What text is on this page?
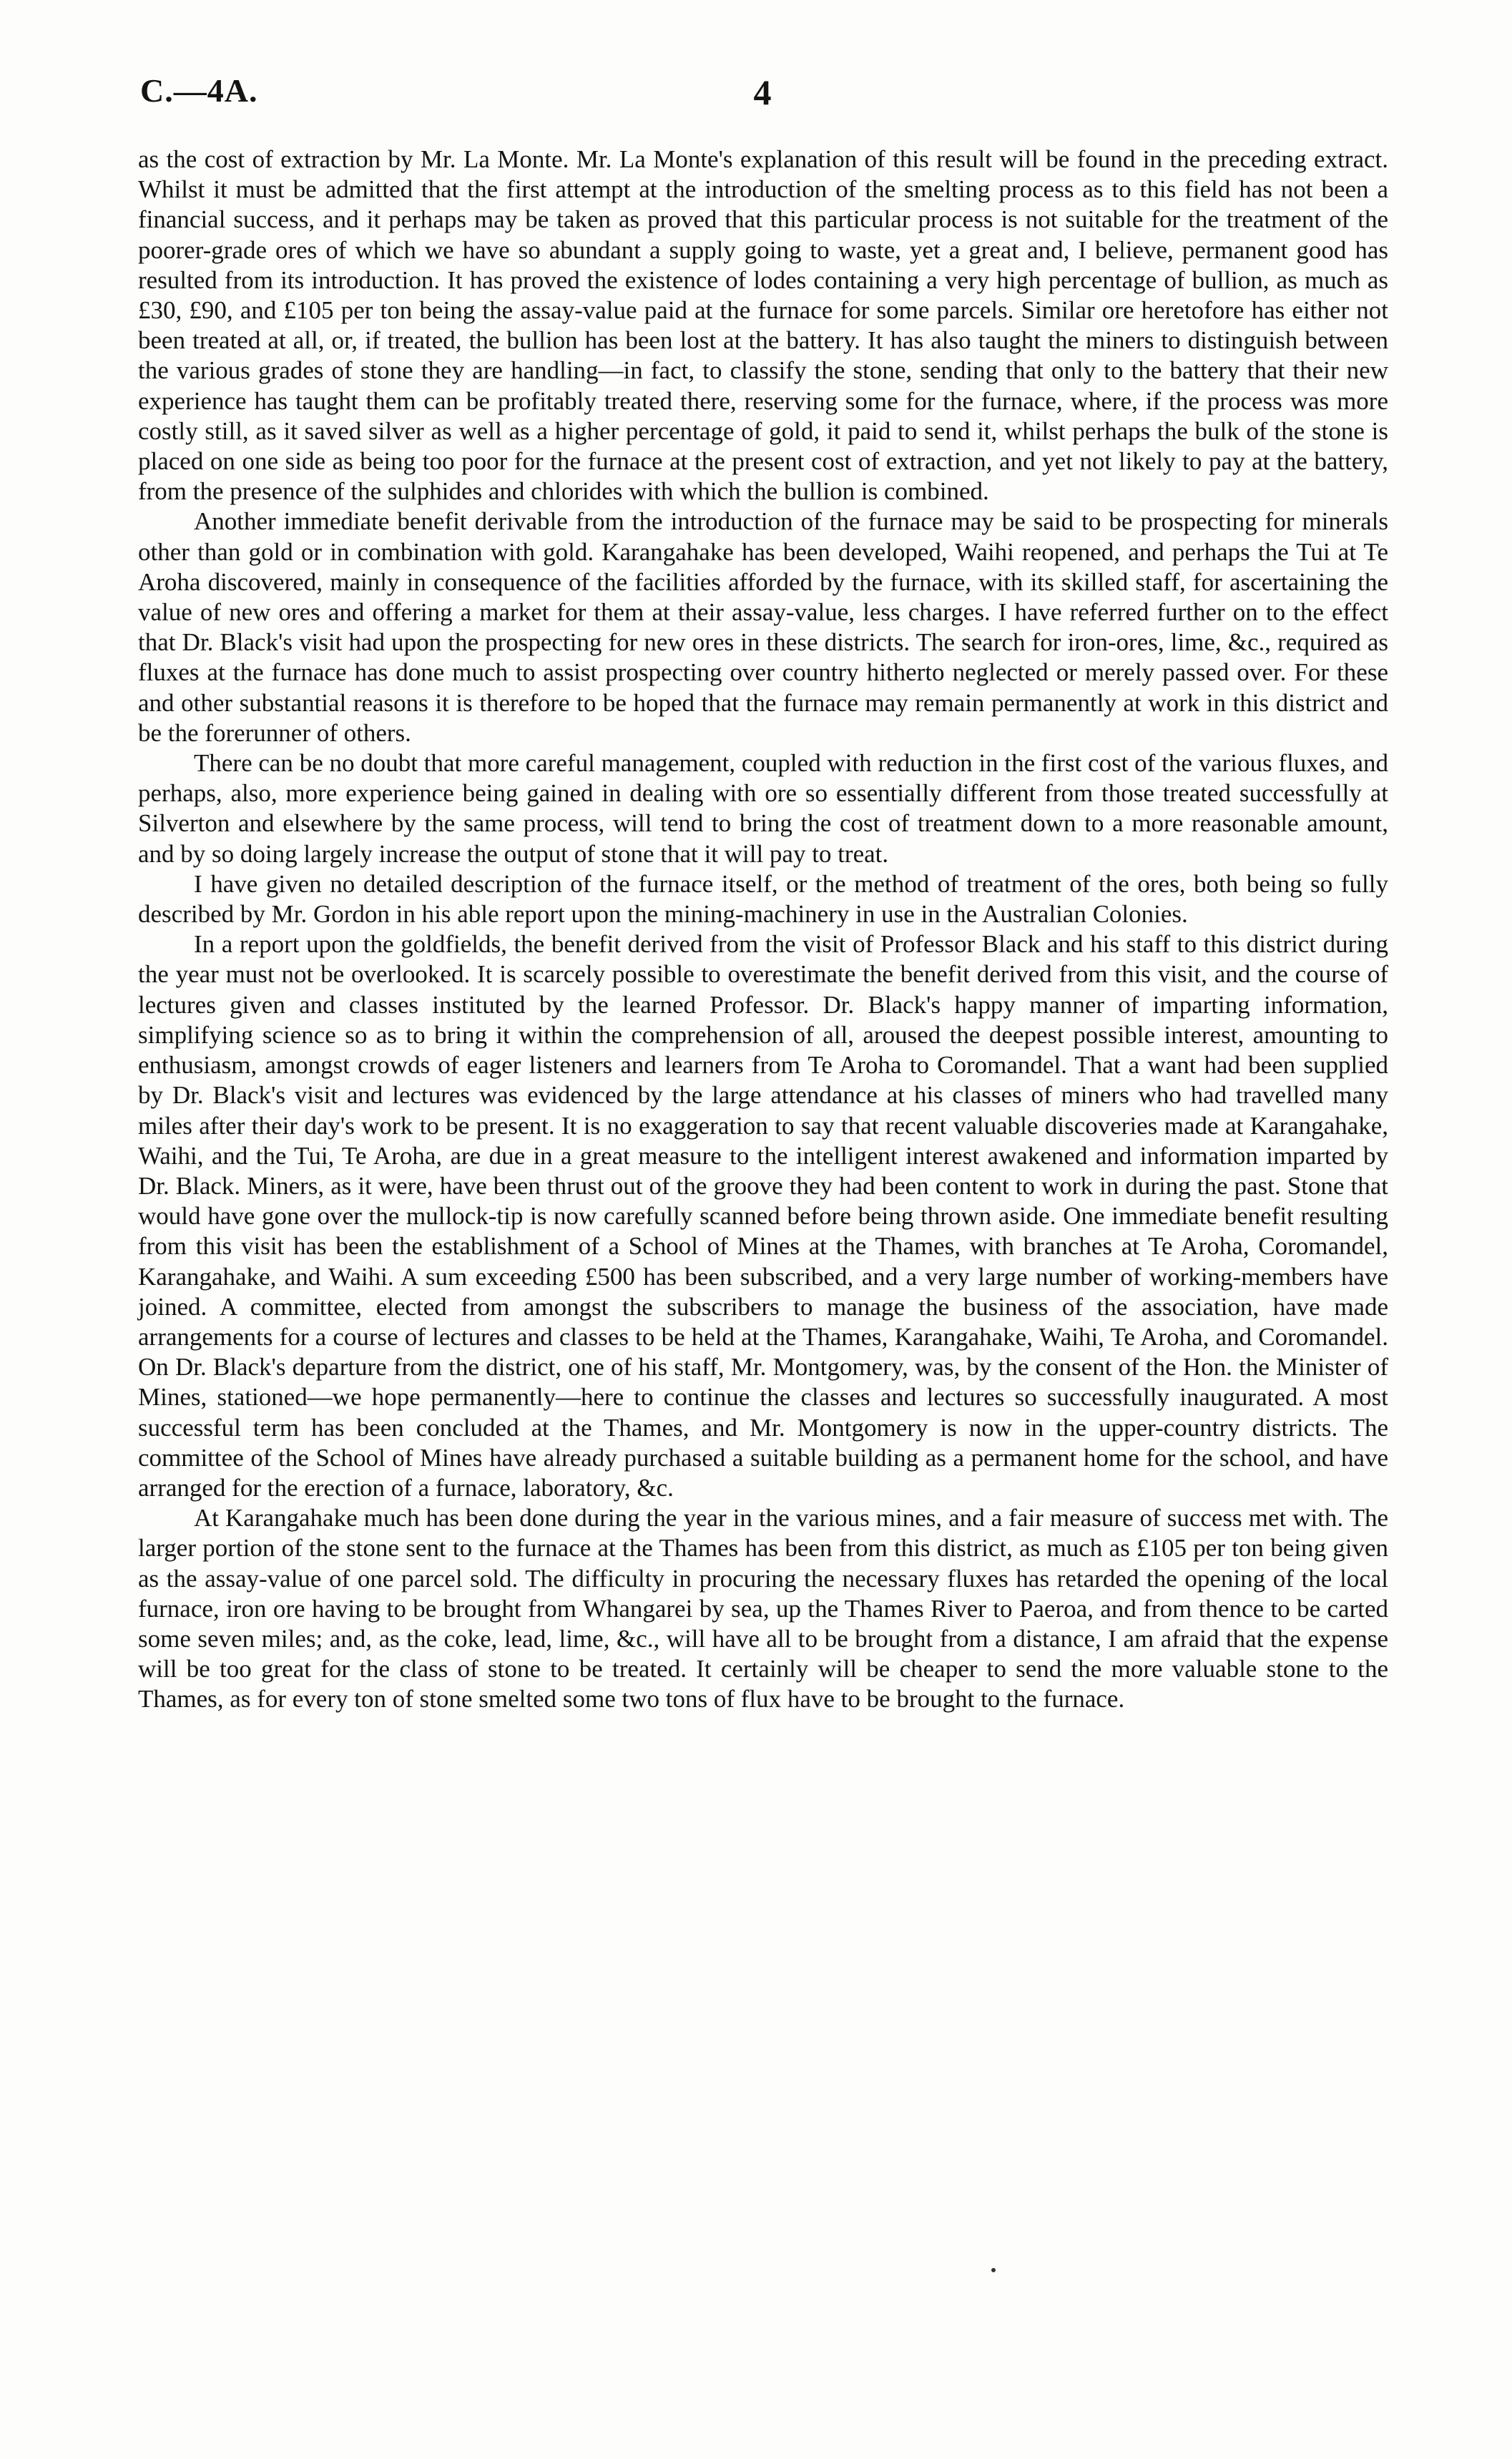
C.—4A.	4

as the cost of extraction by Mr. La Monte. Mr. La Monte's explanation of this result will be found in the preceding extract. Whilst it must be admitted that the first attempt at the introduction of the smelting process as to this field has not been a financial success, and it perhaps may be taken as proved that this particular process is not suitable for the treatment of the poorer-grade ores of which we have so abundant a supply going to waste, yet a great and, I believe, permanent good has resulted from its introduction. It has proved the existence of lodes containing a very high percentage of bullion, as much as £30, £90, and £105 per ton being the assay-value paid at the furnace for some parcels. Similar ore heretofore has either not been treated at all, or, if treated, the bullion has been lost at the battery. It has also taught the miners to distinguish between the various grades of stone they are handling—in fact, to classify the stone, sending that only to the battery that their new experience has taught them can be profitably treated there, reserving some for the furnace, where, if the process was more costly still, as it saved silver as well as a higher percentage of gold, it paid to send it, whilst perhaps the bulk of the stone is placed on one side as being too poor for the furnace at the present cost of extraction, and yet not likely to pay at the battery, from the presence of the sulphides and chlorides with which the bullion is combined.

Another immediate benefit derivable from the introduction of the furnace may be said to be prospecting for minerals other than gold or in combination with gold. Karangahake has been developed, Waihi reopened, and perhaps the Tui at Te Aroha discovered, mainly in consequence of the facilities afforded by the furnace, with its skilled staff, for ascertaining the value of new ores and offering a market for them at their assay-value, less charges. I have referred further on to the effect that Dr. Black's visit had upon the prospecting for new ores in these districts. The search for iron-ores, lime, &c., required as fluxes at the furnace has done much to assist prospecting over country hitherto neglected or merely passed over. For these and other substantial reasons it is therefore to be hoped that the furnace may remain permanently at work in this district and be the forerunner of others.

There can be no doubt that more careful management, coupled with reduction in the first cost of the various fluxes, and perhaps, also, more experience being gained in dealing with ore so essentially different from those treated successfully at Silverton and elsewhere by the same process, will tend to bring the cost of treatment down to a more reasonable amount, and by so doing largely increase the output of stone that it will pay to treat.

I have given no detailed description of the furnace itself, or the method of treatment of the ores, both being so fully described by Mr. Gordon in his able report upon the mining-machinery in use in the Australian Colonies.

In a report upon the goldfields, the benefit derived from the visit of Professor Black and his staff to this district during the year must not be overlooked. It is scarcely possible to overestimate the benefit derived from this visit, and the course of lectures given and classes instituted by the learned Professor. Dr. Black's happy manner of imparting information, simplifying science so as to bring it within the comprehension of all, aroused the deepest possible interest, amounting to enthusiasm, amongst crowds of eager listeners and learners from Te Aroha to Coromandel. That a want had been supplied by Dr. Black's visit and lectures was evidenced by the large attendance at his classes of miners who had travelled many miles after their day's work to be present. It is no exaggeration to say that recent valuable discoveries made at Karangahake, Waihi, and the Tui, Te Aroha, are due in a great measure to the intelligent interest awakened and information imparted by Dr. Black. Miners, as it were, have been thrust out of the groove they had been content to work in during the past. Stone that would have gone over the mullock-tip is now carefully scanned before being thrown aside. One immediate benefit resulting from this visit has been the establishment of a School of Mines at the Thames, with branches at Te Aroha, Coromandel, Karangahake, and Waihi. A sum exceeding £500 has been subscribed, and a very large number of working-members have joined. A committee, elected from amongst the subscribers to manage the business of the association, have made arrangements for a course of lectures and classes to be held at the Thames, Karangahake, Waihi, Te Aroha, and Coromandel. On Dr. Black's departure from the district, one of his staff, Mr. Montgomery, was, by the consent of the Hon. the Minister of Mines, stationed—we hope permanently—here to continue the classes and lectures so successfully inaugurated. A most successful term has been concluded at the Thames, and Mr. Montgomery is now in the upper-country districts. The committee of the School of Mines have already purchased a suitable building as a permanent home for the school, and have arranged for the erection of a furnace, laboratory, &c.

At Karangahake much has been done during the year in the various mines, and a fair measure of success met with. The larger portion of the stone sent to the furnace at the Thames has been from this district, as much as £105 per ton being given as the assay-value of one parcel sold. The difficulty in procuring the necessary fluxes has retarded the opening of the local furnace, iron ore having to be brought from Whangarei by sea, up the Thames River to Paeroa, and from thence to be carted some seven miles; and, as the coke, lead, lime, &c., will have all to be brought from a distance, I am afraid that the expense will be too great for the class of stone to be treated. It certainly will be cheaper to send the more valuable stone to the Thames, as for every ton of stone smelted some two tons of flux have to be brought to the furnace.
